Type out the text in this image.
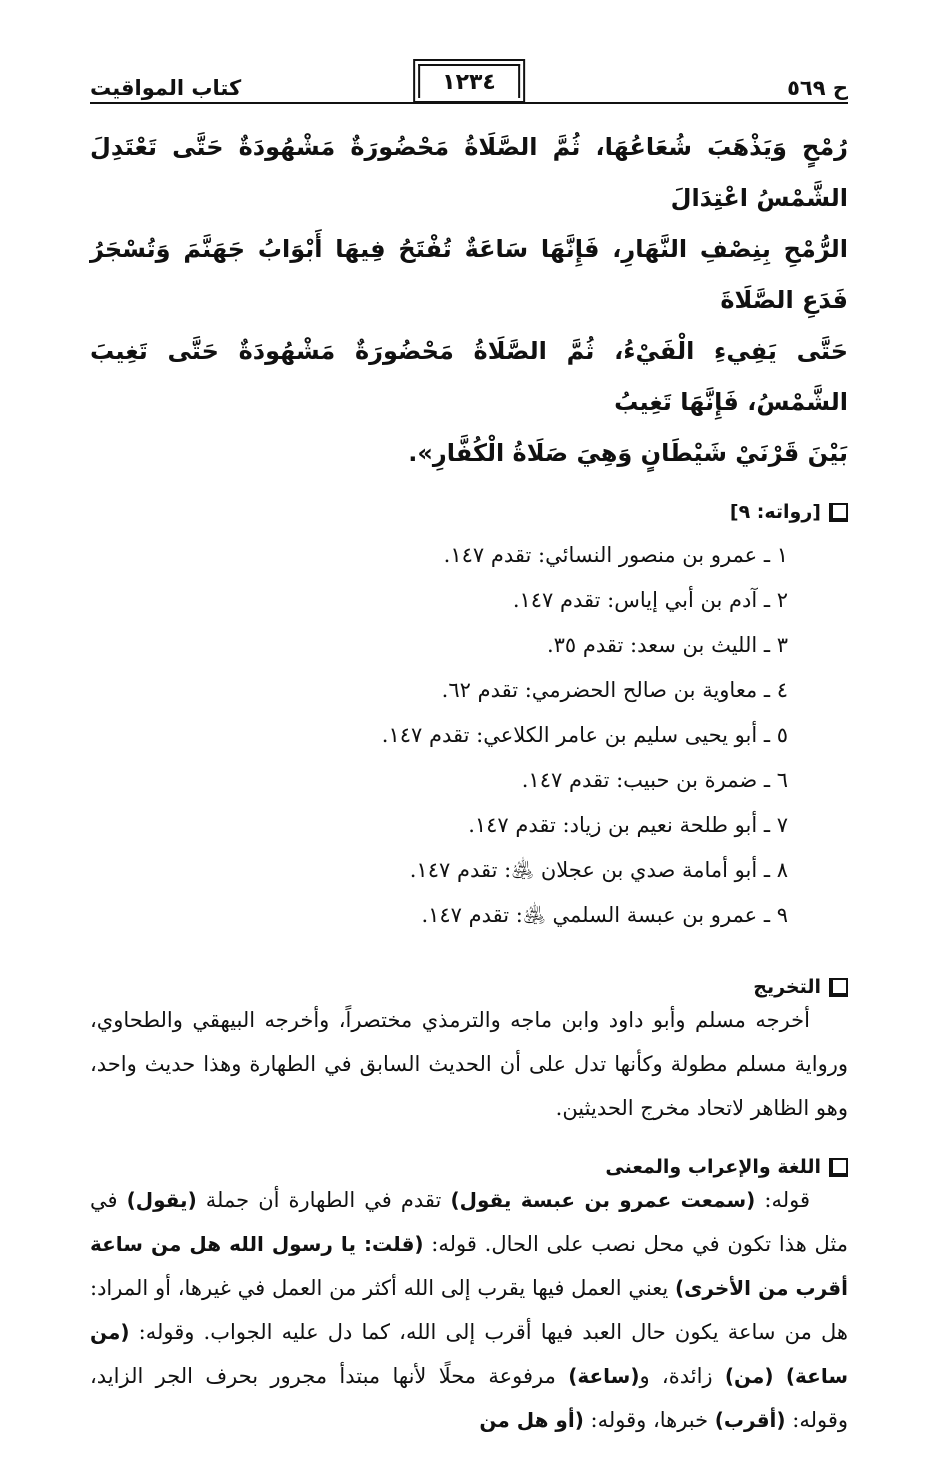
ح ٥٦٩
١٢٣٤
كتاب المواقيت
رُمْحٍ وَيَذْهَبَ شُعَاعُهَا، ثُمَّ الصَّلَاةُ مَحْضُورَةٌ مَشْهُودَةٌ حَتَّى تَعْتَدِلَ الشَّمْسُ اعْتِدَالَ
الرُّمْحِ بِنِصْفِ النَّهَارِ، فَإِنَّهَا سَاعَةٌ تُفْتَحُ فِيهَا أَبْوَابُ جَهَنَّمَ وَتُسْجَرُ فَدَعِ الصَّلَاةَ
حَتَّى يَفِيءِ الْفَيْءُ، ثُمَّ الصَّلَاةُ مَحْضُورَةٌ مَشْهُودَةٌ حَتَّى تَغِيبَ الشَّمْسُ، فَإِنَّهَا تَغِيبُ
بَيْنَ قَرْنَيْ شَيْطَانٍ وَهِيَ صَلَاةُ الْكُفَّارِ».
[رواته: ٩]
١ ـ عمرو بن منصور النسائي: تقدم ١٤٧.
٢ ـ آدم بن أبي إياس: تقدم ١٤٧.
٣ ـ الليث بن سعد: تقدم ٣٥.
٤ ـ معاوية بن صالح الحضرمي: تقدم ٦٢.
٥ ـ أبو يحيى سليم بن عامر الكلاعي: تقدم ١٤٧.
٦ ـ ضمرة بن حبيب: تقدم ١٤٧.
٧ ـ أبو طلحة نعيم بن زياد: تقدم ١٤٧.
٨ ـ أبو أمامة صدي بن عجلان ﵁: تقدم ١٤٧.
٩ ـ عمرو بن عبسة السلمي ﵁: تقدم ١٤٧.
التخريج

أخرجه مسلم وأبو داود وابن ماجه والترمذي مختصراً، وأخرجه البيهقي والطحاوي، ورواية مسلم مطولة وكأنها تدل على أن الحديث السابق في الطهارة وهذا حديث واحد، وهو الظاهر لاتحاد مخرج الحديثين.

اللغة والإعراب والمعنى

قوله: (سمعت عمرو بن عبسة يقول) تقدم في الطهارة أن جملة (يقول) في مثل هذا تكون في محل نصب على الحال. قوله: (قلت: يا رسول الله هل من ساعة أقرب من الأخرى) يعني العمل فيها يقرب إلى الله أكثر من العمل في غيرها، أو المراد: هل من ساعة يكون حال العبد فيها أقرب إلى الله، كما دل عليه الجواب. وقوله: (من ساعة) (من) زائدة، و(ساعة) مرفوعة محلًا لأنها مبتدأ مجرور بحرف الجر الزايد، وقوله: (أقرب) خبرها، وقوله: (أو هل من
